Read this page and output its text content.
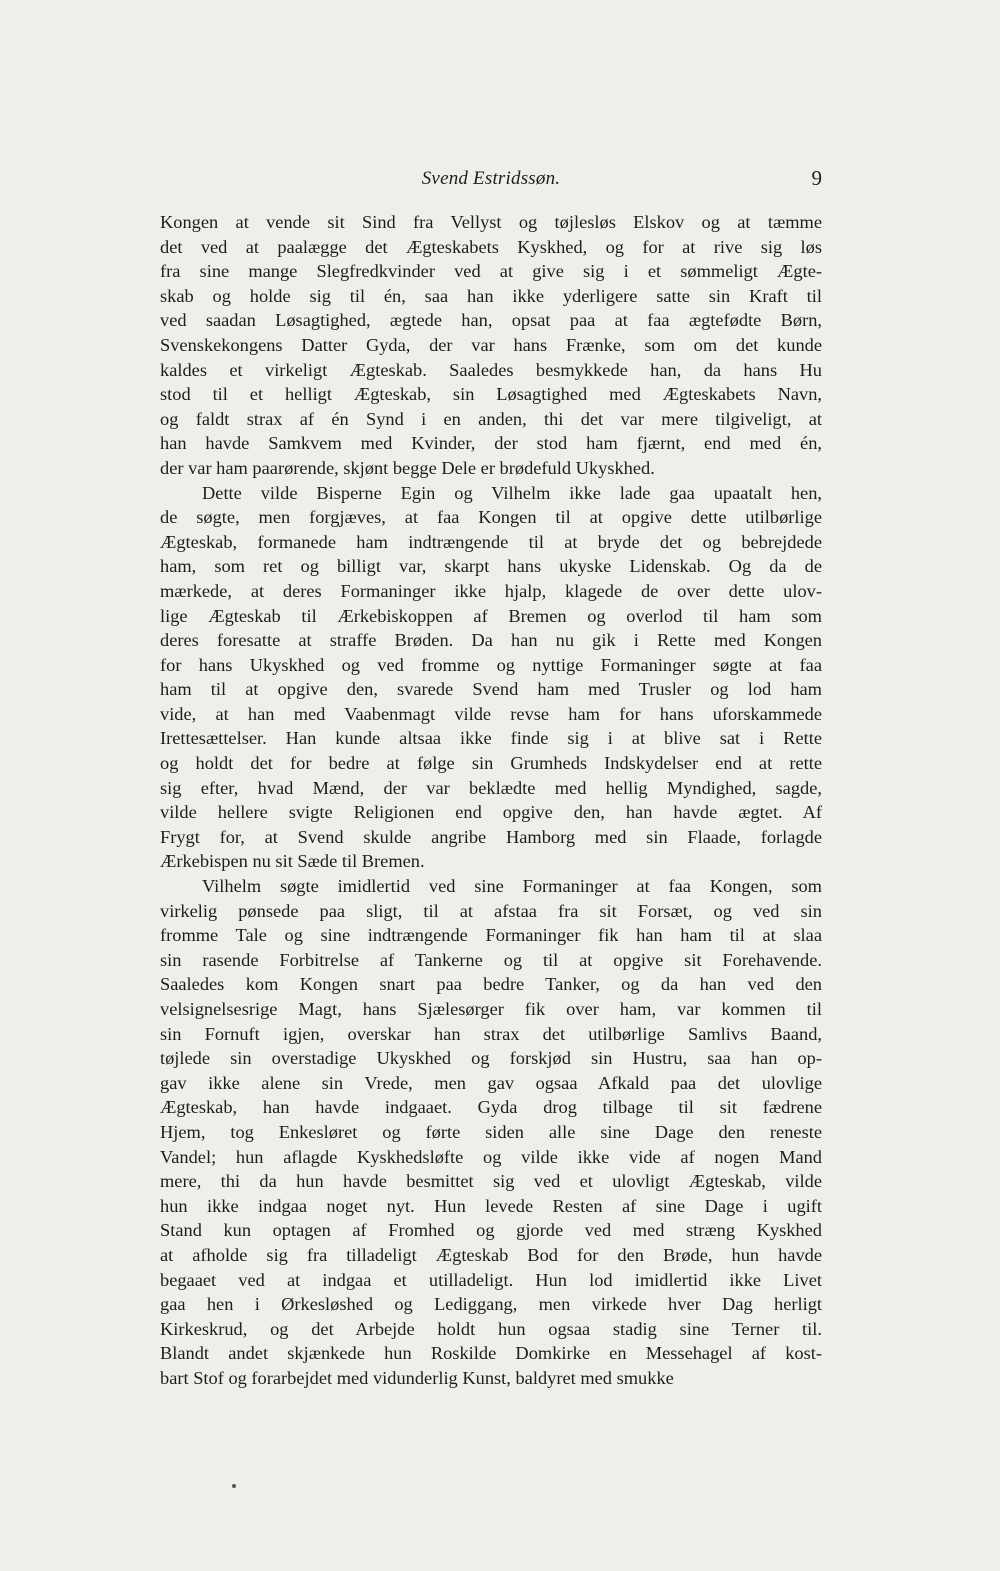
Svend Estridssøn.	9
Kongen at vende sit Sind fra Vellyst og tøjlesløs Elskov og at tæmme
det ved at paalægge det Ægteskabets Kyskhed, og for at rive sig løs
fra sine mange Slegfredkvinder ved at give sig i et sømmeligt Ægte-
skab og holde sig til én, saa han ikke yderligere satte sin Kraft til
ved saadan Løsagtighed, ægtede han, opsat paa at faa ægtefødte Børn,
Svenskekongens Datter Gyda, der var hans Frænke, som om det kunde
kaldes et virkeligt Ægteskab. Saaledes besmykkede han, da hans Hu
stod til et helligt Ægteskab, sin Løsagtighed med Ægteskabets Navn,
og faldt strax af én Synd i en anden, thi det var mere tilgiveligt, at
han havde Samkvem med Kvinder, der stod ham fjærnt, end med én,
der var ham paarørende, skjønt begge Dele er brødefuld Ukyskhed.
Dette vilde Bisperne Egin og Vilhelm ikke lade gaa upaatalt hen,
de søgte, men forgjæves, at faa Kongen til at opgive dette utilbørlige
Ægteskab, formanede ham indtrængende til at bryde det og bebrejdede
ham, som ret og billigt var, skarpt hans ukyske Lidenskab. Og da de
mærkede, at deres Formaninger ikke hjalp, klagede de over dette ulov-
lige Ægteskab til Ærkebiskoppen af Bremen og overlod til ham som
deres foresatte at straffe Brøden. Da han nu gik i Rette med Kongen
for hans Ukyskhed og ved fromme og nyttige Formaninger søgte at faa
ham til at opgive den, svarede Svend ham med Trusler og lod ham
vide, at han med Vaabenmagt vilde revse ham for hans uforskammede
Irettesættelser. Han kunde altsaa ikke finde sig i at blive sat i Rette
og holdt det for bedre at følge sin Grumheds Indskydelser end at rette
sig efter, hvad Mænd, der var beklædte med hellig Myndighed, sagde,
vilde hellere svigte Religionen end opgive den, han havde ægtet. Af
Frygt for, at Svend skulde angribe Hamborg med sin Flaade, forlagde
Ærkebispen nu sit Sæde til Bremen.
Vilhelm søgte imidlertid ved sine Formaninger at faa Kongen, som
virkelig pønsede paa sligt, til at afstaa fra sit Forsæt, og ved sin
fromme Tale og sine indtrængende Formaninger fik han ham til at slaa
sin rasende Forbitrelse af Tankerne og til at opgive sit Forehavende.
Saaledes kom Kongen snart paa bedre Tanker, og da han ved den
velsignelsesrige Magt, hans Sjælesørger fik over ham, var kommen til
sin Fornuft igjen, overskar han strax det utilbørlige Samlivs Baand,
tøjlede sin overstadige Ukyskhed og forskjød sin Hustru, saa han op-
gav ikke alene sin Vrede, men gav ogsaa Afkald paa det ulovlige
Ægteskab, han havde indgaaet. Gyda drog tilbage til sit fædrene
Hjem, tog Enkesløret og førte siden alle sine Dage den reneste
Vandel; hun aflagde Kyskhedsløfte og vilde ikke vide af nogen Mand
mere, thi da hun havde besmittet sig ved et ulovligt Ægteskab, vilde
hun ikke indgaa noget nyt. Hun levede Resten af sine Dage i ugift
Stand kun optagen af Fromhed og gjorde ved med stræng Kyskhed
at afholde sig fra tilladeligt Ægteskab Bod for den Brøde, hun havde
begaaet ved at indgaa et utilladeligt. Hun lod imidlertid ikke Livet
gaa hen i Ørkesløshed og Lediggang, men virkede hver Dag herligt
Kirkeskrud, og det Arbejde holdt hun ogsaa stadig sine Terner til.
Blandt andet skjænkede hun Roskilde Domkirke en Messehagel af kost-
bart Stof og forarbejdet med vidunderlig Kunst, baldyret med smukke
